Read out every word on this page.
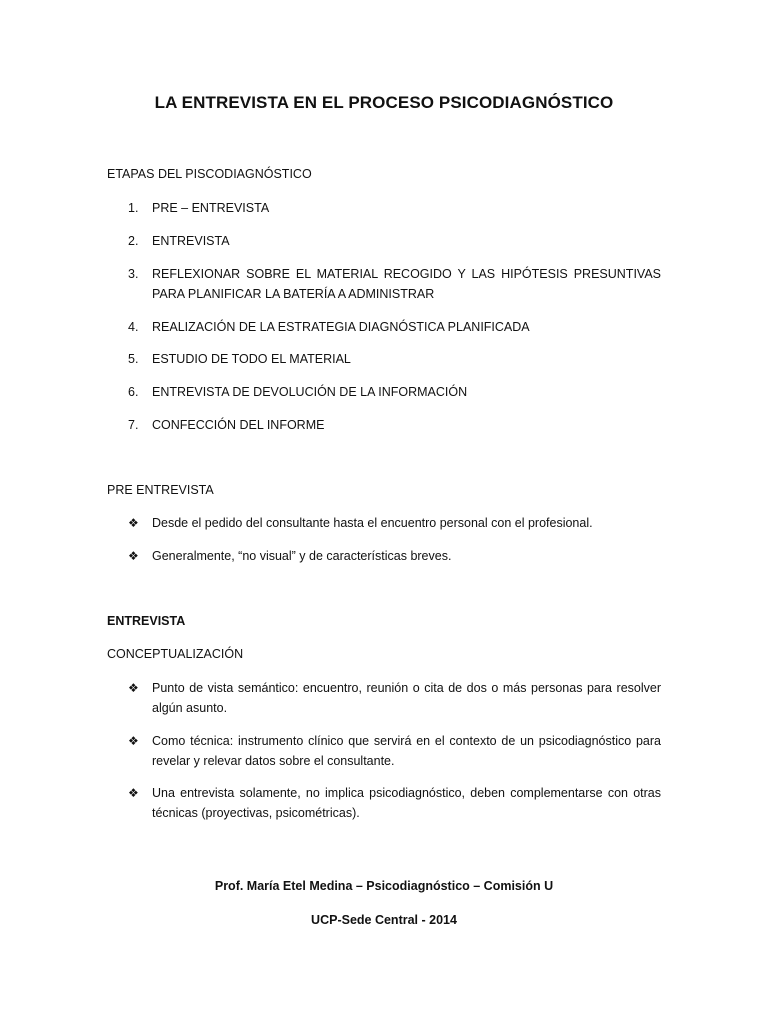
LA ENTREVISTA EN EL PROCESO PSICODIAGNÓSTICO
ETAPAS DEL PISCODIAGNÓSTICO
1. PRE – ENTREVISTA
2. ENTREVISTA
3. REFLEXIONAR SOBRE EL MATERIAL RECOGIDO Y LAS HIPÓTESIS PRESUNTIVAS PARA PLANIFICAR LA BATERÍA A ADMINISTRAR
4. REALIZACIÓN DE LA ESTRATEGIA DIAGNÓSTICA PLANIFICADA
5. ESTUDIO DE TODO EL MATERIAL
6. ENTREVISTA DE DEVOLUCIÓN DE LA INFORMACIÓN
7. CONFECCIÓN DEL INFORME
PRE ENTREVISTA
❖ Desde el pedido del consultante hasta el encuentro personal con el profesional.
❖ Generalmente, “no visual” y de características breves.
ENTREVISTA
CONCEPTUALIZACIÓN
❖ Punto de vista semántico: encuentro, reunión o cita de dos o más personas para resolver algún asunto.
❖ Como técnica: instrumento clínico que servirá en el contexto de un psicodiagnóstico para revelar y relevar datos sobre el consultante.
❖ Una entrevista solamente, no implica psicodiagnóstico, deben complementarse con otras técnicas (proyectivas, psicométricas).
Prof. María Etel Medina – Psicodiagnóstico – Comisión U
UCP-Sede Central - 2014
